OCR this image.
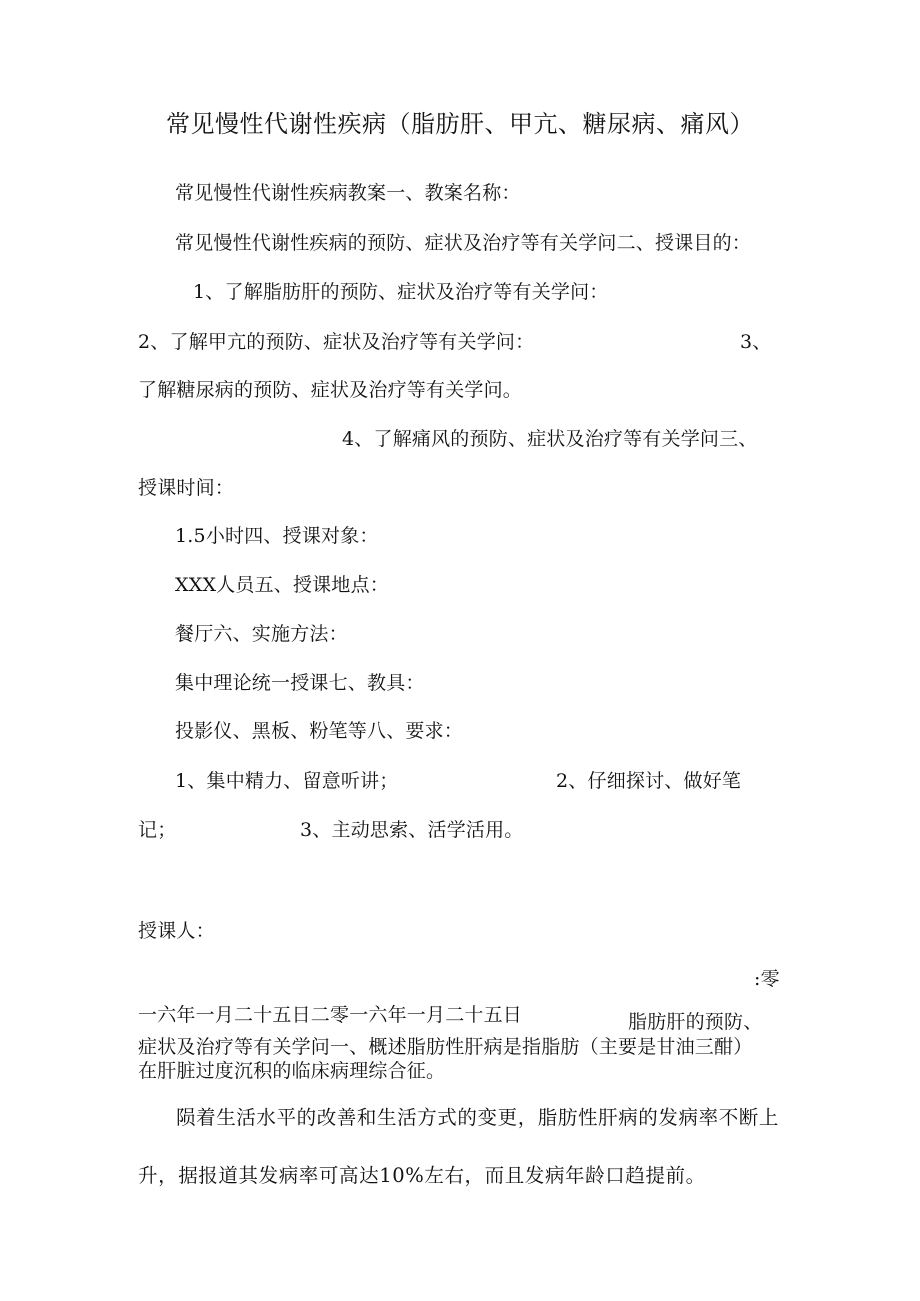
常见慢性代谢性疾病（脂肪肝、甲亢、糖尿病、痛风）
常见慢性代谢性疾病教案一、教案名称：
常见慢性代谢性疾病的预防、症状及治疗等有关学问二、授课目的：
1、了解脂肪肝的预防、症状及治疗等有关学问：
2、了解甲亢的预防、症状及治疗等有关学问：	3、
了解糖尿病的预防、症状及治疗等有关学问。
4、了解痛风的预防、症状及治疗等有关学问三、
授课时间：
1.5小时四、授课对象：
XXX人员五、授课地点：
餐厅六、实施方法：
集中理论统一授课七、教具：
投影仪、黑板、粉笔等八、要求：
1、集中精力、留意听讲；	2、仔细探讨、做好笔
记；	3、主动思索、活学活用。
授课人：
:零
一六年一月二十五日二零一六年一月二十五日	脂肪肝的预防、
症状及治疗等有关学问一、概述脂肪性肝病是指脂肪（主要是甘油三酣）
在肝脏过度沉积的临床病理综合征。
陨着生活水平的改善和生活方式的变更，脂肪性肝病的发病率不断上升，据报道其发病率可高达10%左右，而且发病年龄口趋提前。
